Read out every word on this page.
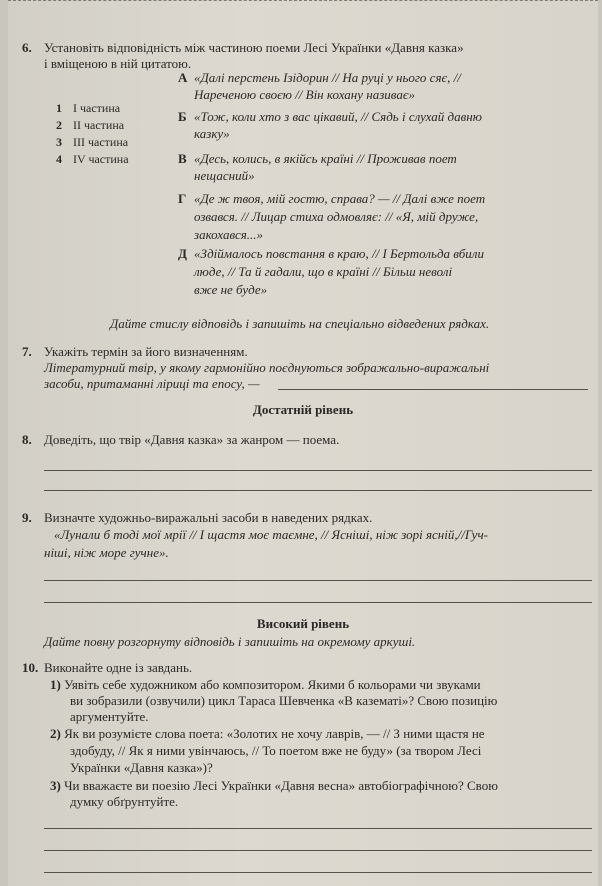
6. Установіть відповідність між частиною поеми Лесі Українки «Давня казка»
і вміщеною в ній цитатою.
1 І частина
2 ІІ частина
3 ІІІ частина
4 IV частина
А «Далі перстень Ізідорин // На руці у нього сяє, //
Нареченою своєю // Він кохану називає»
Б «Тож, коли хто з вас цікавий, // Сядь і слухай давню
казку»
В «Десь, колись, в якійсь країні // Проживав поет
нещасний»
Г «Де ж твоя, мій гостю, справа? — // Далі вже поет
озвався. // Лицар стиха одмовляє: // «Я, мій друже,
закохався...»
Д «Здіймалось повстання в краю, // І Бертольда вбили
люде, // Та й гадали, що в країні // Більш неволі
вже не буде»
Дайте стислу відповідь і запишіть на спеціально відведених рядках.
7. Укажіть термін за його визначенням.
Літературний твір, у якому гармонійно поєднуються зображально-виражальні
засоби, притаманні ліриці та епосу, —
Достатній рівень
8. Доведіть, що твір «Давня казка» за жанром — поема.
9. Визначте художньо-виражальні засоби в наведених рядках.
«Лунали б тоді мої мрії // І щастя моє таємне, // Ясніші, ніж зорі ясній,//Гуч-
ніші, ніж море гучне».
Високий рівень
Дайте повну розгорнуту відповідь і запишіть на окремому аркуші.
10. Виконайте одне із завдань.
1) Уявіть себе художником або композитором. Якими б кольорами чи звуками
ви зобразили (озвучили) цикл Тараса Шевченка «В казематі»? Свою позицію
аргументуйте.
2) Як ви розумієте слова поета: «Золотих не хочу лаврів, — // З ними щастя не
здобуду, // Як я ними увінчаюсь, // То поетом вже не буду» (за твором Лесі
Українки «Давня казка»)?
3) Чи вважаєте ви поезію Лесі Українки «Давня весна» автобіографічною? Свою
думку обґрунтуйте.
